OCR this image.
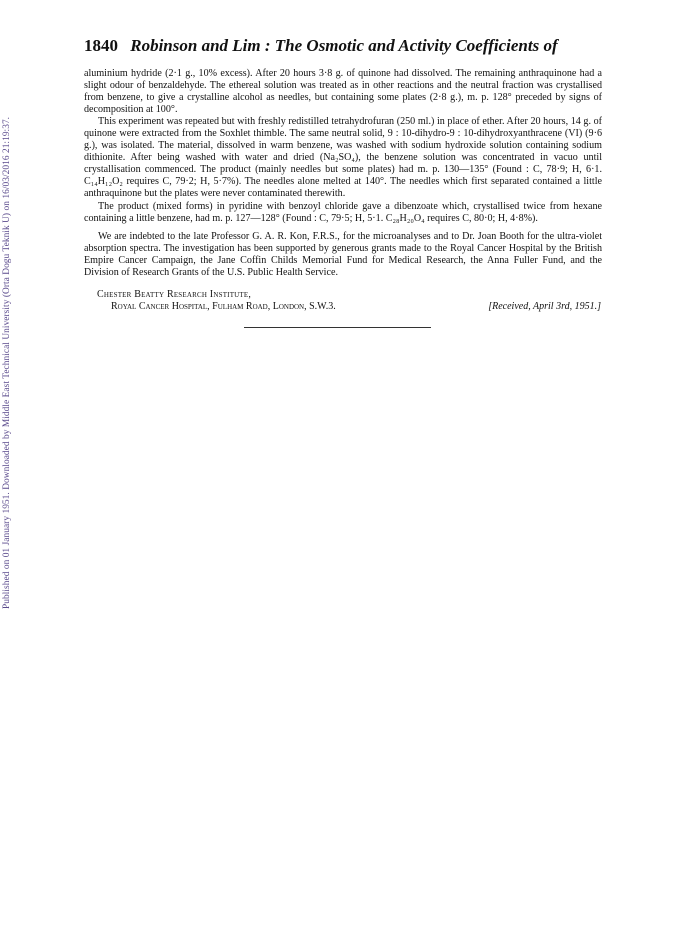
Published on 01 January 1951. Downloaded by Middle East Technical University (Orta Dogu Teknik U) on 16/03/2016 21:19:37.
1840 Robinson and Lim : The Osmotic and Activity Coefficients of

aluminium hydride (2·1 g., 10% excess). After 20 hours 3·8 g. of quinone had dissolved. The remaining anthraquinone had a slight odour of benzaldehyde. The ethereal solution was treated as in other reactions and the neutral fraction was crystallised from benzene, to give a crystalline alcohol as needles, but containing some plates (2·8 g.), m. p. 128° preceded by signs of decomposition at 100°.

This experiment was repeated but with freshly redistilled tetrahydrofuran (250 ml.) in place of ether. After 20 hours, 14 g. of quinone were extracted from the Soxhlet thimble. The same neutral solid, 9 : 10-dihydro-9 : 10-dihydroxyanthracene (VI) (9·6 g.), was isolated. The material, dissolved in warm benzene, was washed with sodium hydroxide solution containing sodium dithionite. After being washed with water and dried (Na₂SO₄), the benzene solution was concentrated in vacuo until crystallisation commenced. The product (mainly needles but some plates) had m. p. 130—135° (Found : C, 78·9; H, 6·1. C₁₄H₁₂O₂ requires C, 79·2; H, 5·7%). The needles alone melted at 140°. The needles which first separated contained a little anthraquinone but the plates were never contaminated therewith.

The product (mixed forms) in pyridine with benzoyl chloride gave a dibenzoate which, crystallised twice from hexane containing a little benzene, had m. p. 127—128° (Found : C, 79·5; H, 5·1. C₂₈H₂₀O₄ requires C, 80·0; H, 4·8%).

We are indebted to the late Professor G. A. R. Kon, F.R.S., for the microanalyses and to Dr. Joan Booth for the ultra-violet absorption spectra. The investigation has been supported by generous grants made to the Royal Cancer Hospital by the British Empire Cancer Campaign, the Jane Coffin Childs Memorial Fund for Medical Research, the Anna Fuller Fund, and the Division of Research Grants of the U.S. Public Health Service.

Chester Beatty Research Institute,
Royal Cancer Hospital, Fulham Road, London, S.W.3.	[Received, April 3rd, 1951.]
